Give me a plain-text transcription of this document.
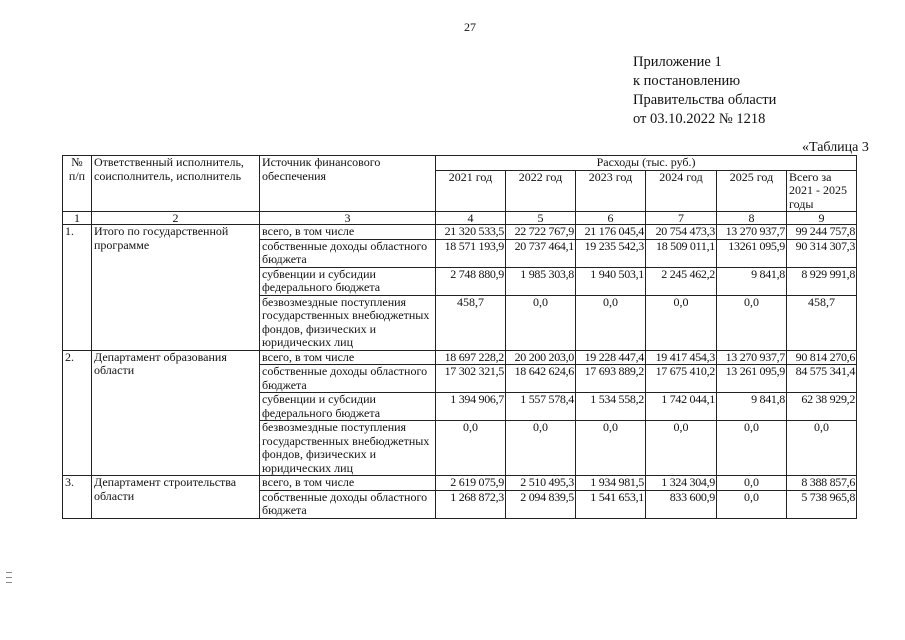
27
Приложение 1
к постановлению
Правительства области
от 03.10.2022 № 1218
«Таблица 3
№ п/п	Ответственный исполнитель, соисполнитель, исполнитель	Источник финансового обеспечения	Расходы (тыс. руб.)					
			2021 год	2022 год	2023 год	2024 год	2025 год	Всего за 2021 - 2025 годы
1	2	3	4	5	6	7	8	9
1.	Итого по государственной программе	всего, в том числе	21 320 533,5	22 722 767,9	21 176 045,4	20 754 473,3	13 270 937,7	99 244 757,8
		собственные доходы областного бюджета	18 571 193,9	20 737 464,1	19 235 542,3	18 509 011,1	13261 095,9	90 314 307,3
		субвенции и субсидии федерального бюджета	2 748 880,9	1 985 303,8	1 940 503,1	2 245 462,2	9 841,8	8 929 991,8
		безвозмездные поступления государственных внебюджетных фондов, физических и юридических лиц	458,7	0,0	0,0	0,0	0,0	458,7
2.	Департамент образования области	всего, в том числе	18 697 228,2	20 200 203,0	19 228 447,4	19 417 454,3	13 270 937,7	90 814 270,6
		собственные доходы областного бюджета	17 302 321,5	18 642 624,6	17 693 889,2	17 675 410,2	13 261 095,9	84 575 341,4
		субвенции и субсидии федерального бюджета	1 394 906,7	1 557 578,4	1 534 558,2	1 742 044,1	9 841,8	62 38 929,2
		безвозмездные поступления государственных внебюджетных фондов, физических и юридических лиц	0,0	0,0	0,0	0,0	0,0	0,0
3.	Департамент строительства области	всего, в том числе	2 619 075,9	2 510 495,3	1 934 981,5	1 324 304,9	0,0	8 388 857,6
		собственные доходы областного бюджета	1 268 872,3	2 094 839,5	1 541 653,1	833 600,9	0,0	5 738 965,8
